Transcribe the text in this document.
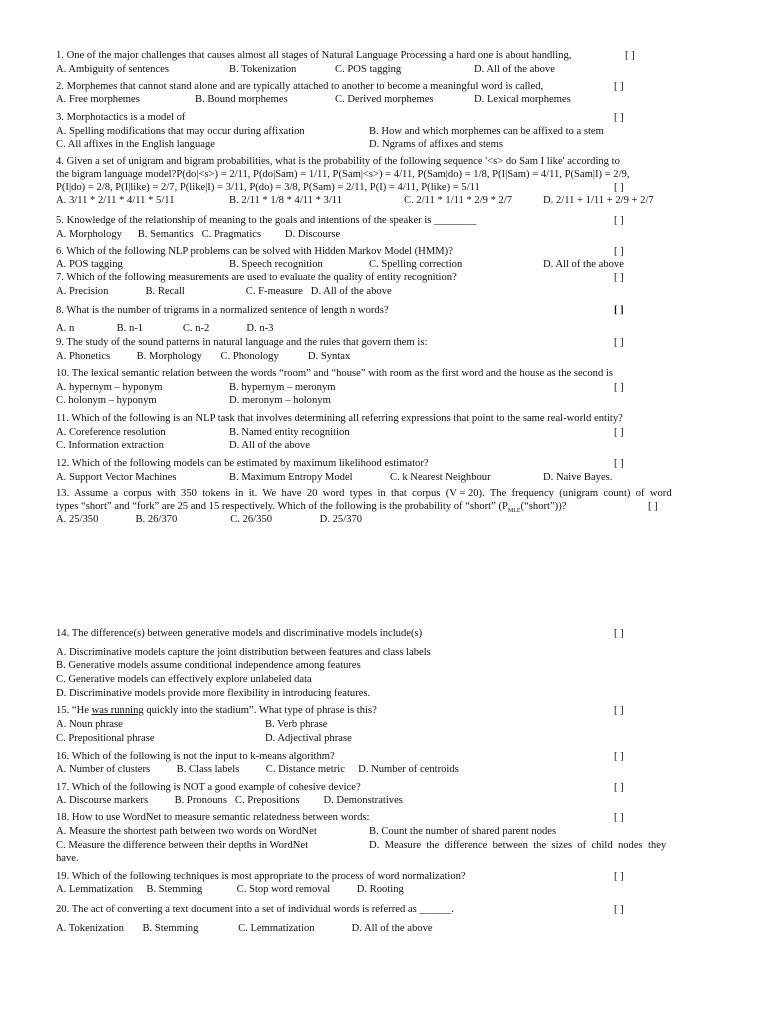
1. One of the major challenges that causes almost all stages of Natural Language Processing a hard one is about handling,	[ ]
A. Ambiguity of sentences	B. Tokenization	C. POS tagging	D. All of the above
2. Morphemes that cannot stand alone and are typically attached to another to become a meaningful word is called,	[ ]
A. Free morphemes	B. Bound morphemes	C. Derived morphemes	D. Lexical morphemes
3. Morphotactics is a model of	[ ]
A. Spelling modifications that may occur during affixation	B. How and which morphemes can be affixed to a stem
C. All affixes in the English language	D. Ngrams of affixes and stems
4. Given a set of unigram and bigram probabilities, what is the probability of the following sequence '<s> do Sam I like' according to
the bigram language model?P(do|<s>) = 2/11, P(do|Sam) = 1/11, P(Sam|<s>) = 4/11, P(Sam|do) = 1/8, P(I|Sam) = 4/11, P(Sam|I) = 2/9,
P(I|do) = 2/8, P(I|like) = 2/7, P(like|I) = 3/11, P(do) = 3/8, P(Sam) = 2/11, P(I) = 4/11, P(like) = 5/11	[ ]
A. 3/11 * 2/11 * 4/11 * 5/11	B. 2/11 * 1/8 * 4/11 * 3/11	C. 2/11 * 1/11 * 2/9 * 2/7	D. 2/11 + 1/11 + 2/9 + 2/7
5. Knowledge of the relationship of meaning to the goals and intentions of the speaker is ________	[ ]
A. Morphology      B. Semantics   C. Pragmatics         D. Discourse
6. Which of the following NLP problems can be solved with Hidden Markov Model (HMM)?	[ ]
A. POS tagging	B. Speech recognition	C. Spelling correction	D. All of the above
7. Which of the following measurements are used to evaluate the quality of entity recognition?	[ ]
A. Precision              B. Recall                       C. F-measure   D. All of the above
8. What is the number of trigrams in a normalized sentence of length n words?	[ ]
A. n                B. n-1               C. n-2              D. n-3
9. The study of the sound patterns in natural language and the rules that govern them is:	[ ]
A. Phonetics          B. Morphology       C. Phonology           D. Syntax
10. The lexical semantic relation between the words “room” and “house” with room as the first word and the house as the second is
A. hypernym – hyponym	B. hypernym – meronym	[ ]
C. holonym – hyponym	D. meronym – holonym
11. Which of the following is an NLP task that involves determining all referring expressions that point to the same real-world entity?
A. Coreference resolution	B. Named entity recognition	[ ]
C. Information extraction	D. All of the above
12. Which of the following models can be estimated by maximum likelihood estimator?	[ ]
A. Support Vector Machines	B. Maximum Entropy Model	C. k Nearest Neighbour	D. Naive Bayes.
13.  Assume  a  corpus  with  350  tokens  in  it.  We  have  20  word  types  in  that  corpus  (V = 20).  The  frequency  (unigram  count)  of  word
types “short” and “fork” are 25 and 15 respectively. Which of the following is the probability of “short” $(P_{MLE}(“short”))$?	[ ]
A. 25/350              B. 26/370                    C. 26/350                  D. 25/370
14. The difference(s) between generative models and discriminative models include(s)	[ ]
A. Discriminative models capture the joint distribution between features and class labels
B. Generative models assume conditional independence among features
C. Generative models can effectively explore unlabeled data
D. Discriminative models provide more flexibility in introducing features.
15. “He was running quickly into the stadium”. What type of phrase is this?	[ ]
A. Noun phrase	B. Verb phrase
C. Prepositional phrase	D. Adjectival phrase
16. Which of the following is not the input to k-means algorithm?	[ ]
A. Number of clusters          B. Class labels          C. Distance metric     D. Number of centroids
17. Which of the following is NOT a good example of cohesive device?	[ ]
A. Discourse markers          B. Pronouns   C. Prepositions         D. Demonstratives
18. How to use WordNet to measure semantic relatedness between words:	[ ]
A. Measure the shortest path between two words on WordNet	B. Count the number of shared parent nodes
C. Measure the difference between their depths in WordNet	D.  Measure  the  difference  between  the  sizes  of  child  nodes  they
have.
19. Which of the following techniques is most appropriate to the process of word normalization?	[ ]
A. Lemmatization     B. Stemming             C. Stop word removal          D. Rooting
20. The act of converting a text document into a set of individual words is referred as ______.	[ ]
A. Tokenization       B. Stemming               C. Lemmatization              D. All of the above
